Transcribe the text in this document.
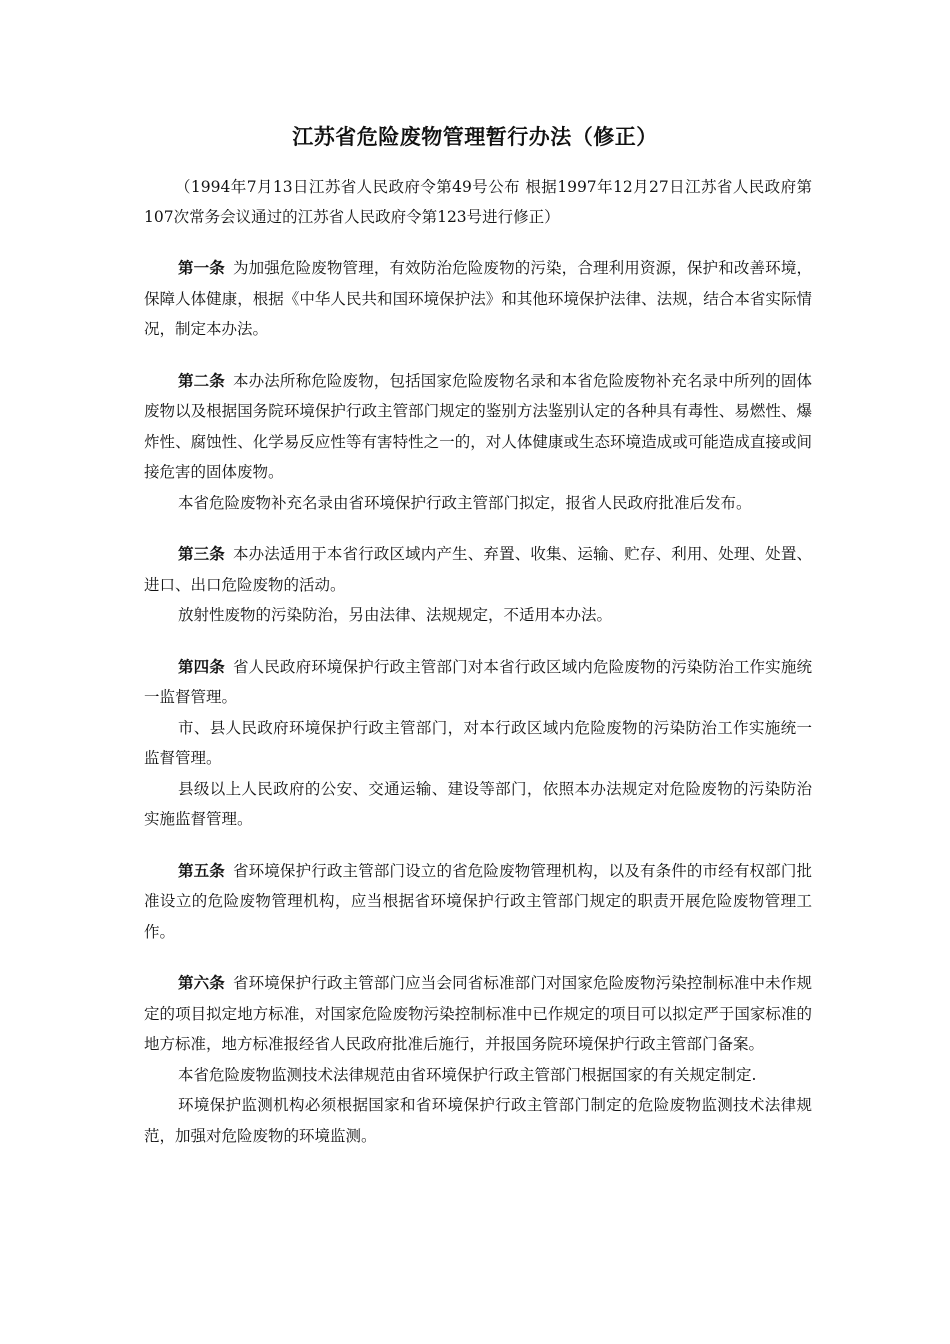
江苏省危险废物管理暂行办法（修正）

（1994年7月13日江苏省人民政府令第49号公布 根据1997年12月27日江苏省人民政府第107次常务会议通过的江苏省人民政府令第123号进行修正）

第一条 为加强危险废物管理，有效防治危险废物的污染，合理利用资源，保护和改善环境，保障人体健康，根据《中华人民共和国环境保护法》和其他环境保护法律、法规，结合本省实际情况，制定本办法。

第二条 本办法所称危险废物，包括国家危险废物名录和本省危险废物补充名录中所列的固体废物以及根据国务院环境保护行政主管部门规定的鉴别方法鉴别认定的各种具有毒性、易燃性、爆炸性、腐蚀性、化学易反应性等有害特性之一的，对人体健康或生态环境造成或可能造成直接或间接危害的固体废物。

本省危险废物补充名录由省环境保护行政主管部门拟定，报省人民政府批准后发布。

第三条 本办法适用于本省行政区域内产生、弃置、收集、运输、贮存、利用、处理、处置、进口、出口危险废物的活动。

放射性废物的污染防治，另由法律、法规规定，不适用本办法。

第四条 省人民政府环境保护行政主管部门对本省行政区域内危险废物的污染防治工作实施统一监督管理。

市、县人民政府环境保护行政主管部门，对本行政区域内危险废物的污染防治工作实施统一监督管理。

县级以上人民政府的公安、交通运输、建设等部门，依照本办法规定对危险废物的污染防治实施监督管理。

第五条 省环境保护行政主管部门设立的省危险废物管理机构，以及有条件的市经有权部门批准设立的危险废物管理机构，应当根据省环境保护行政主管部门规定的职责开展危险废物管理工作。

第六条 省环境保护行政主管部门应当会同省标准部门对国家危险废物污染控制标准中未作规定的项目拟定地方标准，对国家危险废物污染控制标准中已作规定的项目可以拟定严于国家标准的地方标准，地方标准报经省人民政府批准后施行，并报国务院环境保护行政主管部门备案。

本省危险废物监测技术法律规范由省环境保护行政主管部门根据国家的有关规定制定.

环境保护监测机构必须根据国家和省环境保护行政主管部门制定的危险废物监测技术法律规范，加强对危险废物的环境监测。
